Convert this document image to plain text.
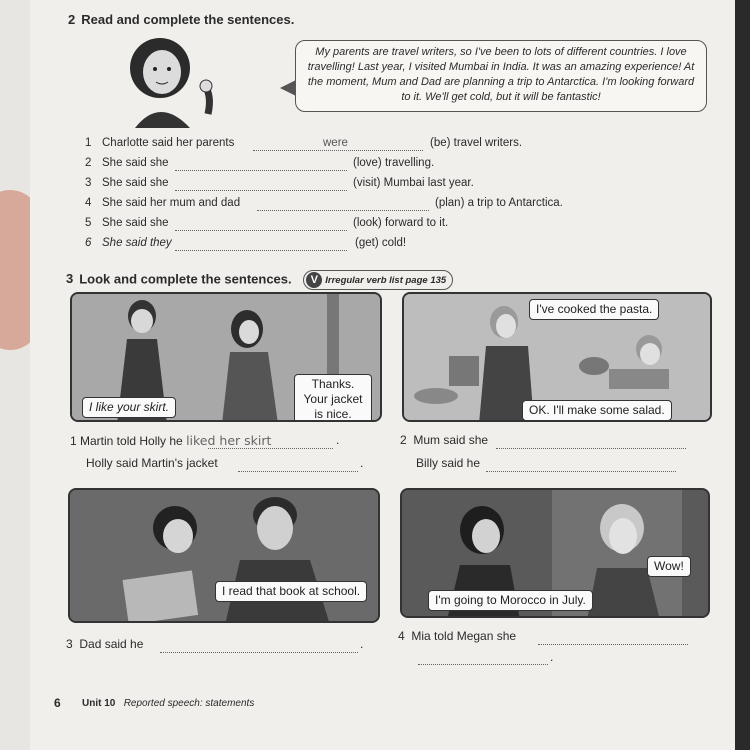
2 Read and complete the sentences.
My parents are travel writers, so I've been to lots of different countries. I love travelling! Last year, I visited Mumbai in India. It was an amazing experience! At the moment, Mum and Dad are planning a trip to Antarctica. I'm looking forward to it. We'll get cold, but it will be fantastic!
1 Charlotte said her parents	were	(be) travel writers.
2 She said she	(love) travelling.
3 She said she	(visit) Mumbai last year.
4 She said her mum and dad	(plan) a trip to Antarctica.
5 She said she	(look) forward to it.
6 She said they	(get) cold!
3 Look and complete the sentences.	V Irregular verb list page 135
I like your skirt.
Thanks. Your jacket is nice.
I've cooked the pasta.
OK. I'll make some salad.
1 Martin told Holly he liked her skirt	.
Holly said Martin's jacket	.
2 Mum said she
Billy said he
I read that book at school.
Wow!
I'm going to Morocco in July.
3 Dad said he	.
4 Mia told Megan she
.
6 Unit 10 Reported speech: statements
